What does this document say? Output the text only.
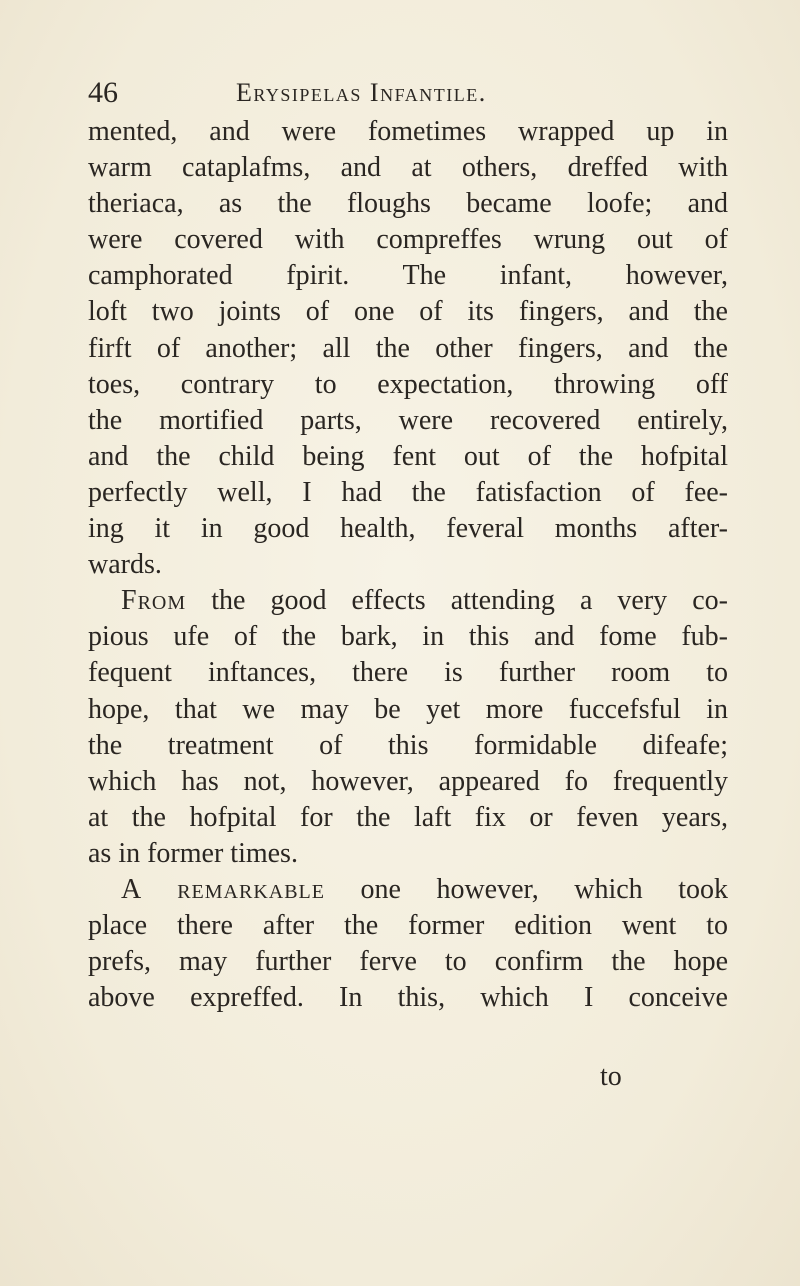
46	Erysipelas Infantile.
mented, and were fometimes wrapped up in
warm cataplafms, and at others, dreffed with
theriaca, as the floughs became loofe; and
were covered with compreffes wrung out of
camphorated fpirit. The infant, however,
loft two joints of one of its fingers, and the
firft of another; all the other fingers, and the
toes, contrary to expectation, throwing off
the mortified parts, were recovered entirely,
and the child being fent out of the hofpital
perfectly well, I had the fatisfaction of fee-
ing it in good health, feveral months after-
wards.
From the good effects attending a very co-
pious ufe of the bark, in this and fome fub-
fequent inftances, there is further room to
hope, that we may be yet more fuccefsful in
the treatment of this formidable difeafe;
which has not, however, appeared fo frequently
at the hofpital for the laft fix or feven years,
as in former times.
A remarkable one however, which took
place there after the former edition went to
prefs, may further ferve to confirm the hope
above expreffed. In this, which I conceive
to
